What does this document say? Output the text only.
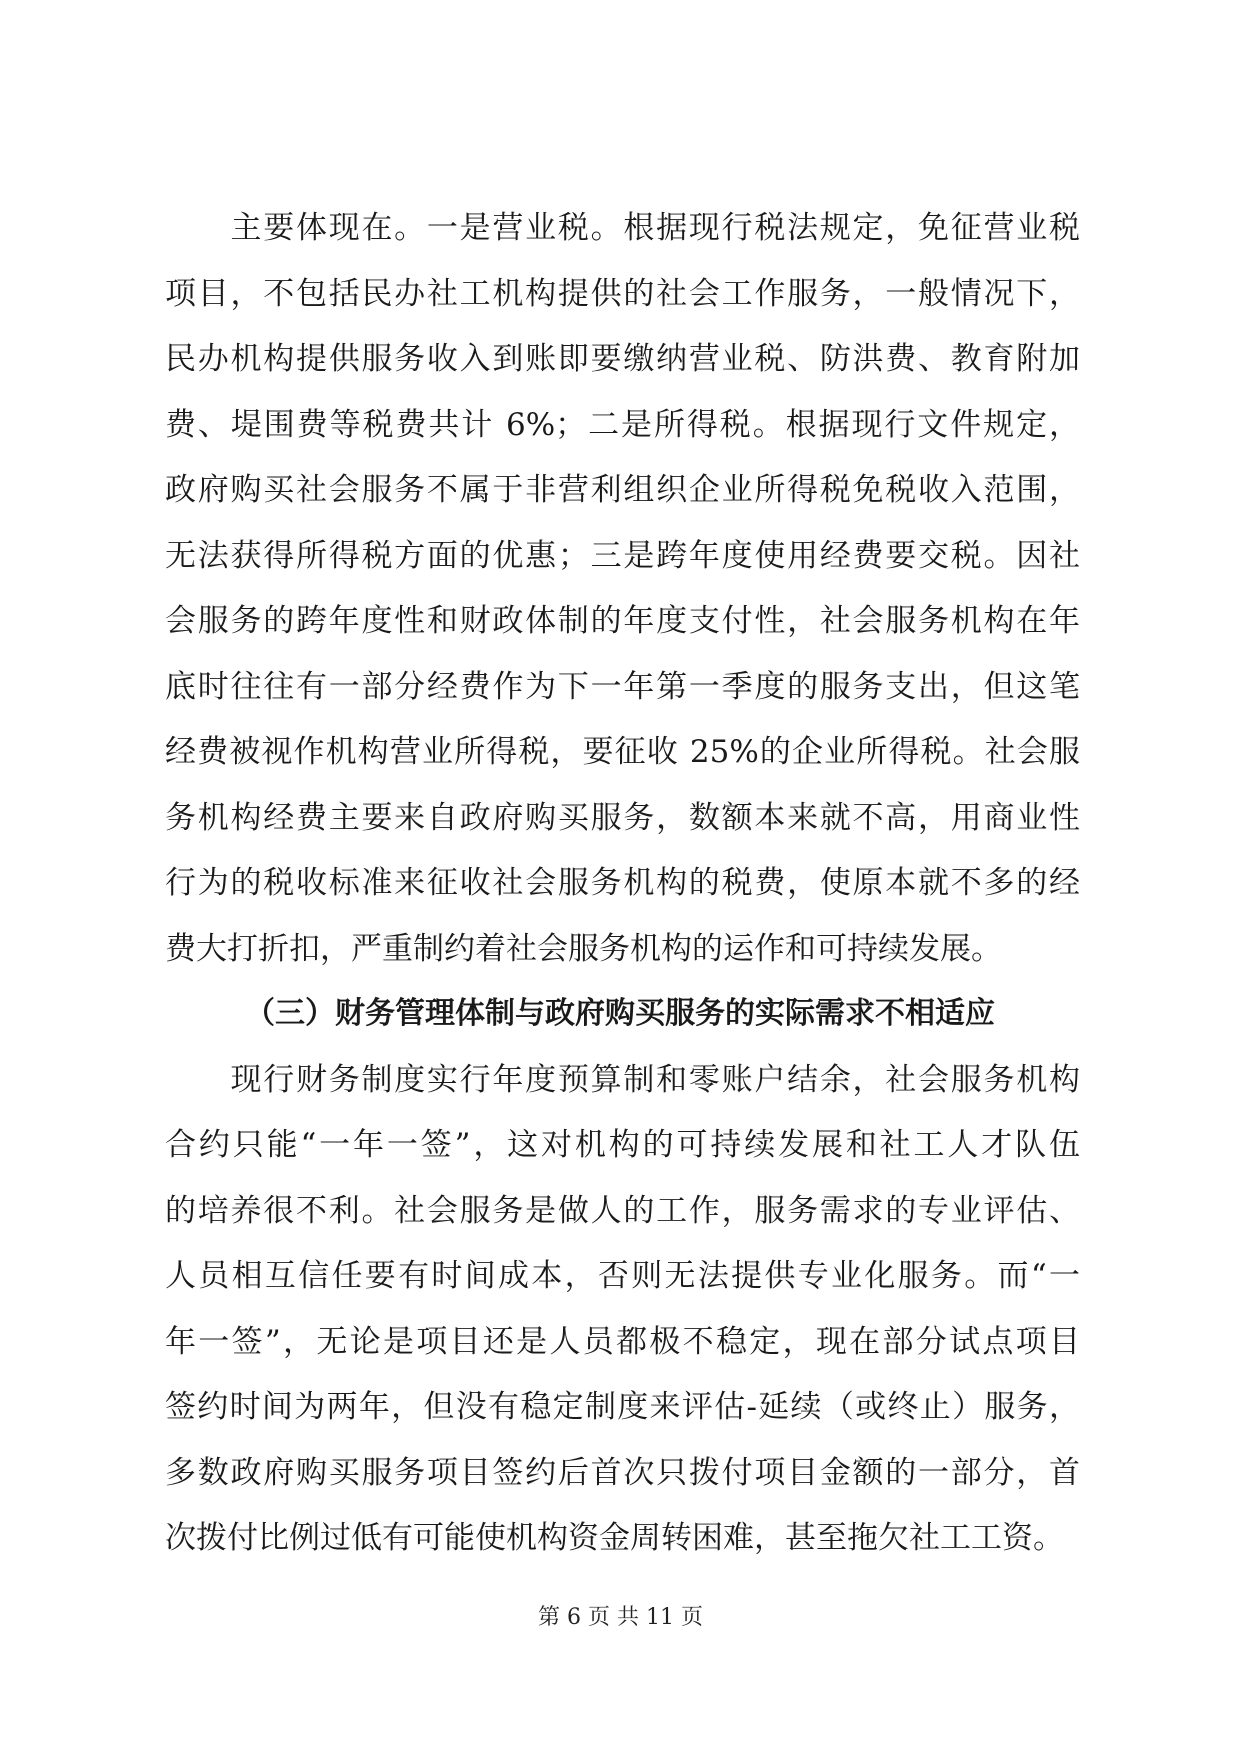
　　主要体现在。一是营业税。根据现行税法规定，免征营业税
项目，不包括民办社工机构提供的社会工作服务，一般情况下，
民办机构提供服务收入到账即要缴纳营业税、防洪费、教育附加
费、堤围费等税费共计 6%；二是所得税。根据现行文件规定，
政府购买社会服务不属于非营利组织企业所得税免税收入范围，
无法获得所得税方面的优惠；三是跨年度使用经费要交税。因社
会服务的跨年度性和财政体制的年度支付性，社会服务机构在年
底时往往有一部分经费作为下一年第一季度的服务支出，但这笔
经费被视作机构营业所得税，要征收 25%的企业所得税。社会服
务机构经费主要来自政府购买服务，数额本来就不高，用商业性
行为的税收标准来征收社会服务机构的税费，使原本就不多的经
费大打折扣，严重制约着社会服务机构的运作和可持续发展。
（三）财务管理体制与政府购买服务的实际需求不相适应
　　现行财务制度实行年度预算制和零账户结余，社会服务机构
合约只能“一年一签”，这对机构的可持续发展和社工人才队伍
的培养很不利。社会服务是做人的工作，服务需求的专业评估、
人员相互信任要有时间成本，否则无法提供专业化服务。而“一
年一签”，无论是项目还是人员都极不稳定，现在部分试点项目
签约时间为两年，但没有稳定制度来评估-延续（或终止）服务，
多数政府购买服务项目签约后首次只拨付项目金额的一部分，首
次拨付比例过低有可能使机构资金周转困难，甚至拖欠社工工资。
第 6 页 共 11 页
